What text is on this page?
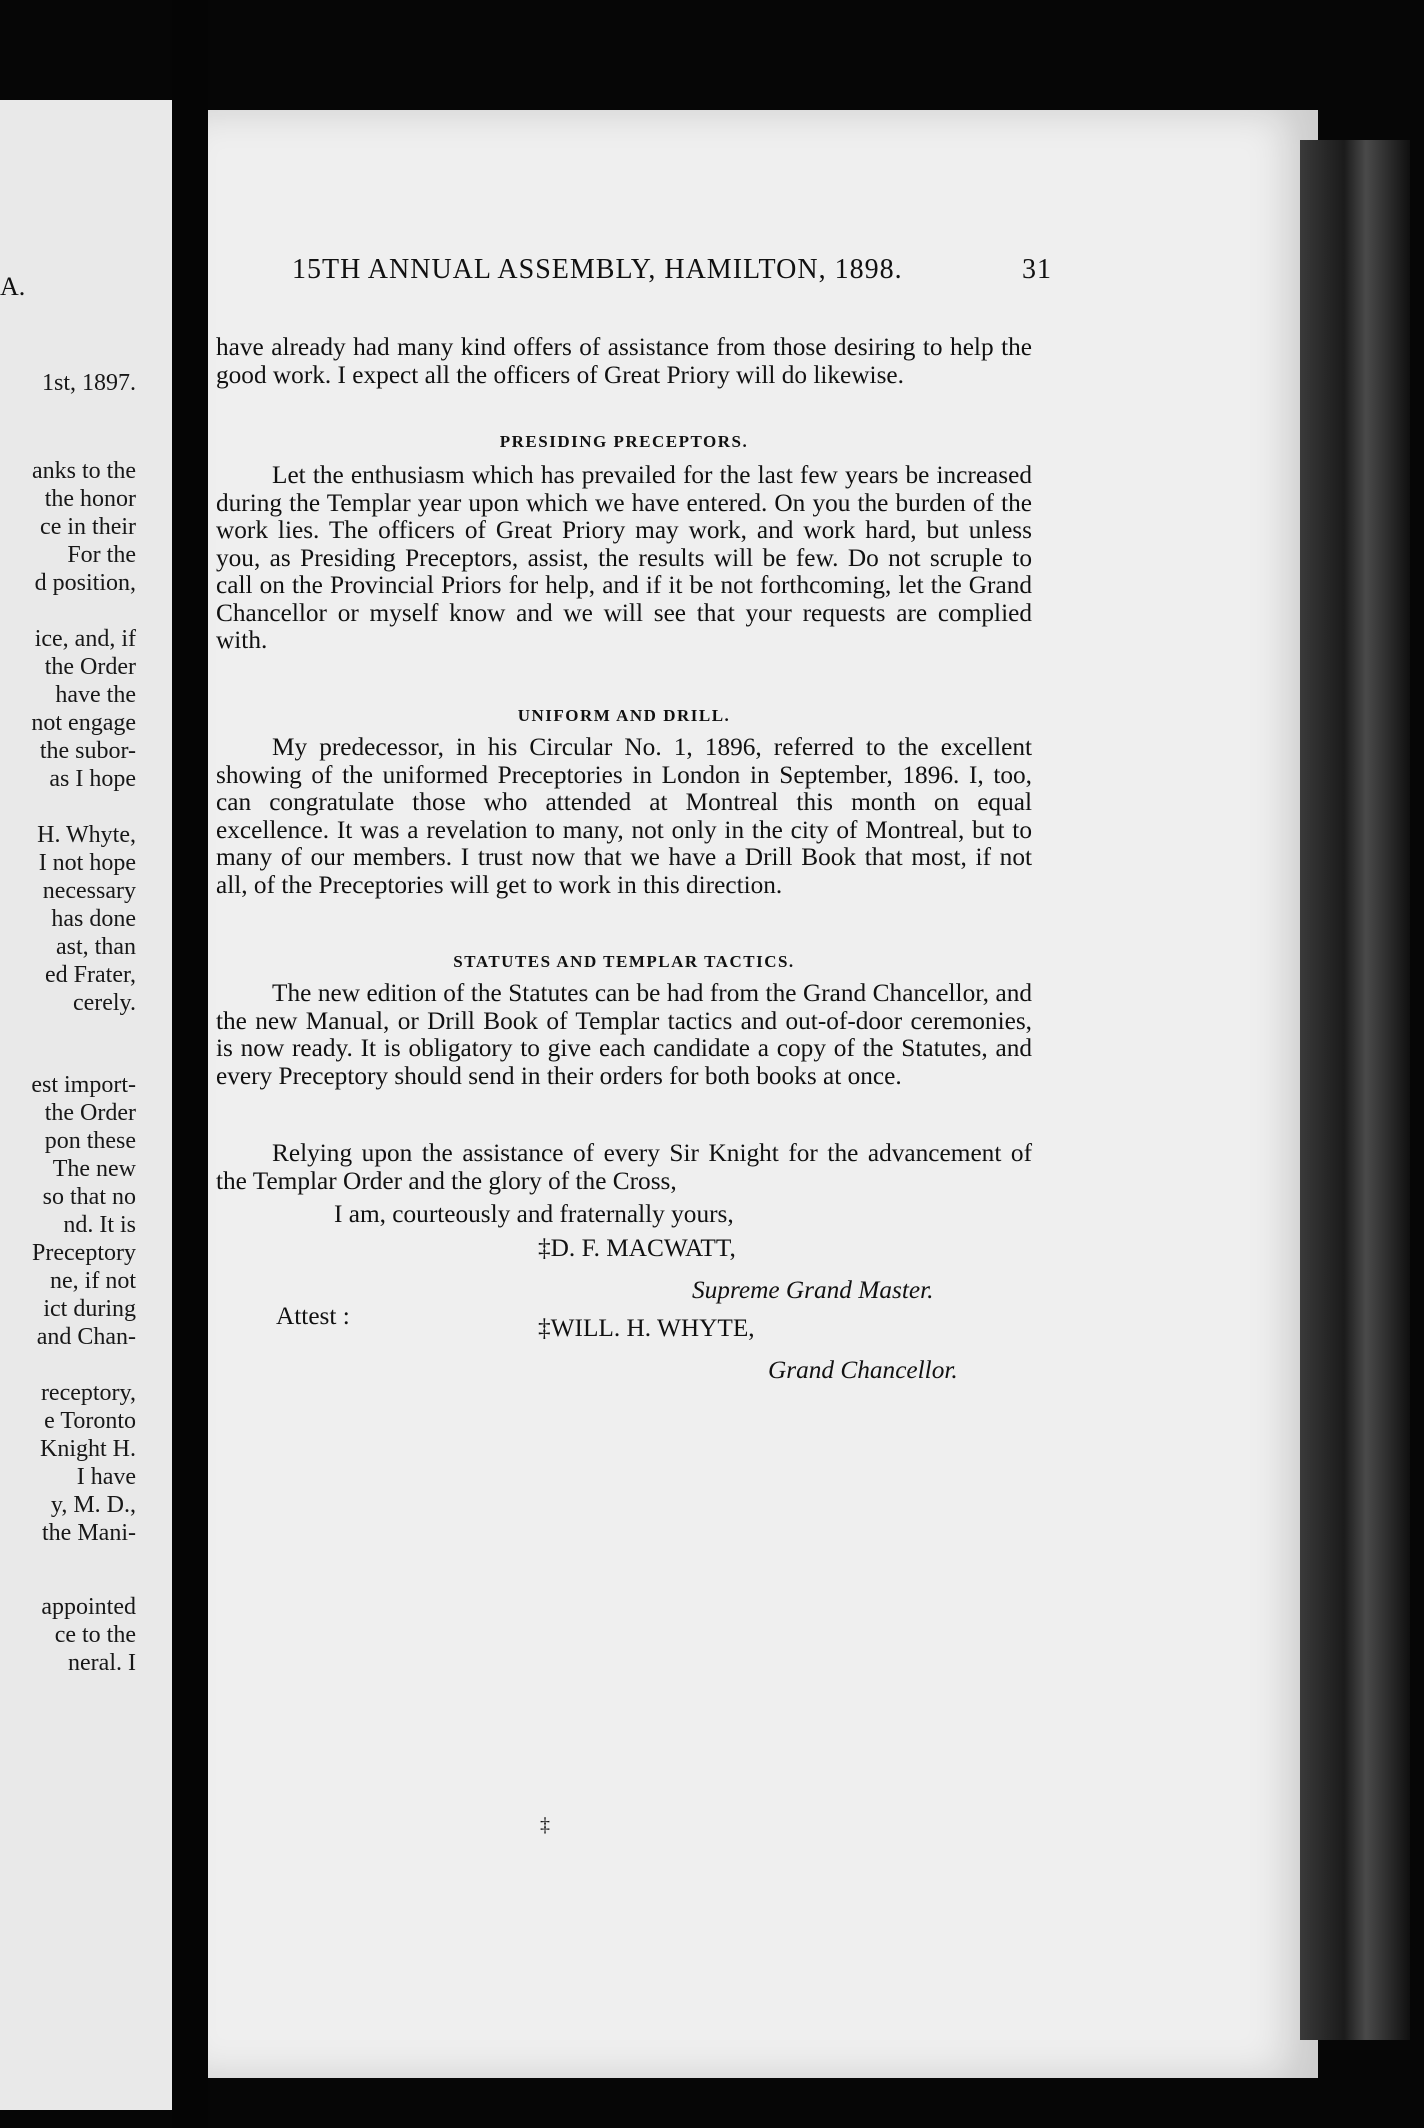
1st, 1897.
anks to the
the honor
ce in their
For the
d position,
ice, and, if
the Order
have the
not engage
the subor-
as I hope
H. Whyte,
I not hope
necessary
has done
ast, than
ed Frater,
cerely.
est import-
the Order
pon these
The new
so that no
nd. It is
Preceptory
ne, if not
ict during
and Chan-
receptory,
e Toronto
Knight H.
I have
y, M. D.,
the Mani-
appointed
ce to the
neral. I
A.
15TH ANNUAL ASSEMBLY, HAMILTON, 1898.	31
have already had many kind offers of assistance from those desiring to help the good work. I expect all the officers of Great Priory will do likewise.
PRESIDING PRECEPTORS.
Let the enthusiasm which has prevailed for the last few years be increased during the Templar year upon which we have entered. On you the burden of the work lies. The officers of Great Priory may work, and work hard, but unless you, as Presiding Preceptors, assist, the results will be few. Do not scruple to call on the Provincial Priors for help, and if it be not forthcoming, let the Grand Chancellor or myself know and we will see that your requests are complied with.
UNIFORM AND DRILL.
My predecessor, in his Circular No. 1, 1896, referred to the excellent showing of the uniformed Preceptories in London in September, 1896. I, too, can congratulate those who attended at Montreal this month on equal excellence. It was a revelation to many, not only in the city of Montreal, but to many of our members. I trust now that we have a Drill Book that most, if not all, of the Preceptories will get to work in this direction.
STATUTES AND TEMPLAR TACTICS.
The new edition of the Statutes can be had from the Grand Chancellor, and the new Manual, or Drill Book of Templar tactics and out-of-door ceremonies, is now ready. It is obligatory to give each candidate a copy of the Statutes, and every Preceptory should send in their orders for both books at once.
Relying upon the assistance of every Sir Knight for the advancement of the Templar Order and the glory of the Cross,
I am, courteously and fraternally yours,
‡D. F. MACWATT,
Supreme Grand Master.
Attest :	‡WILL. H. WHYTE,
Grand Chancellor.
‡
